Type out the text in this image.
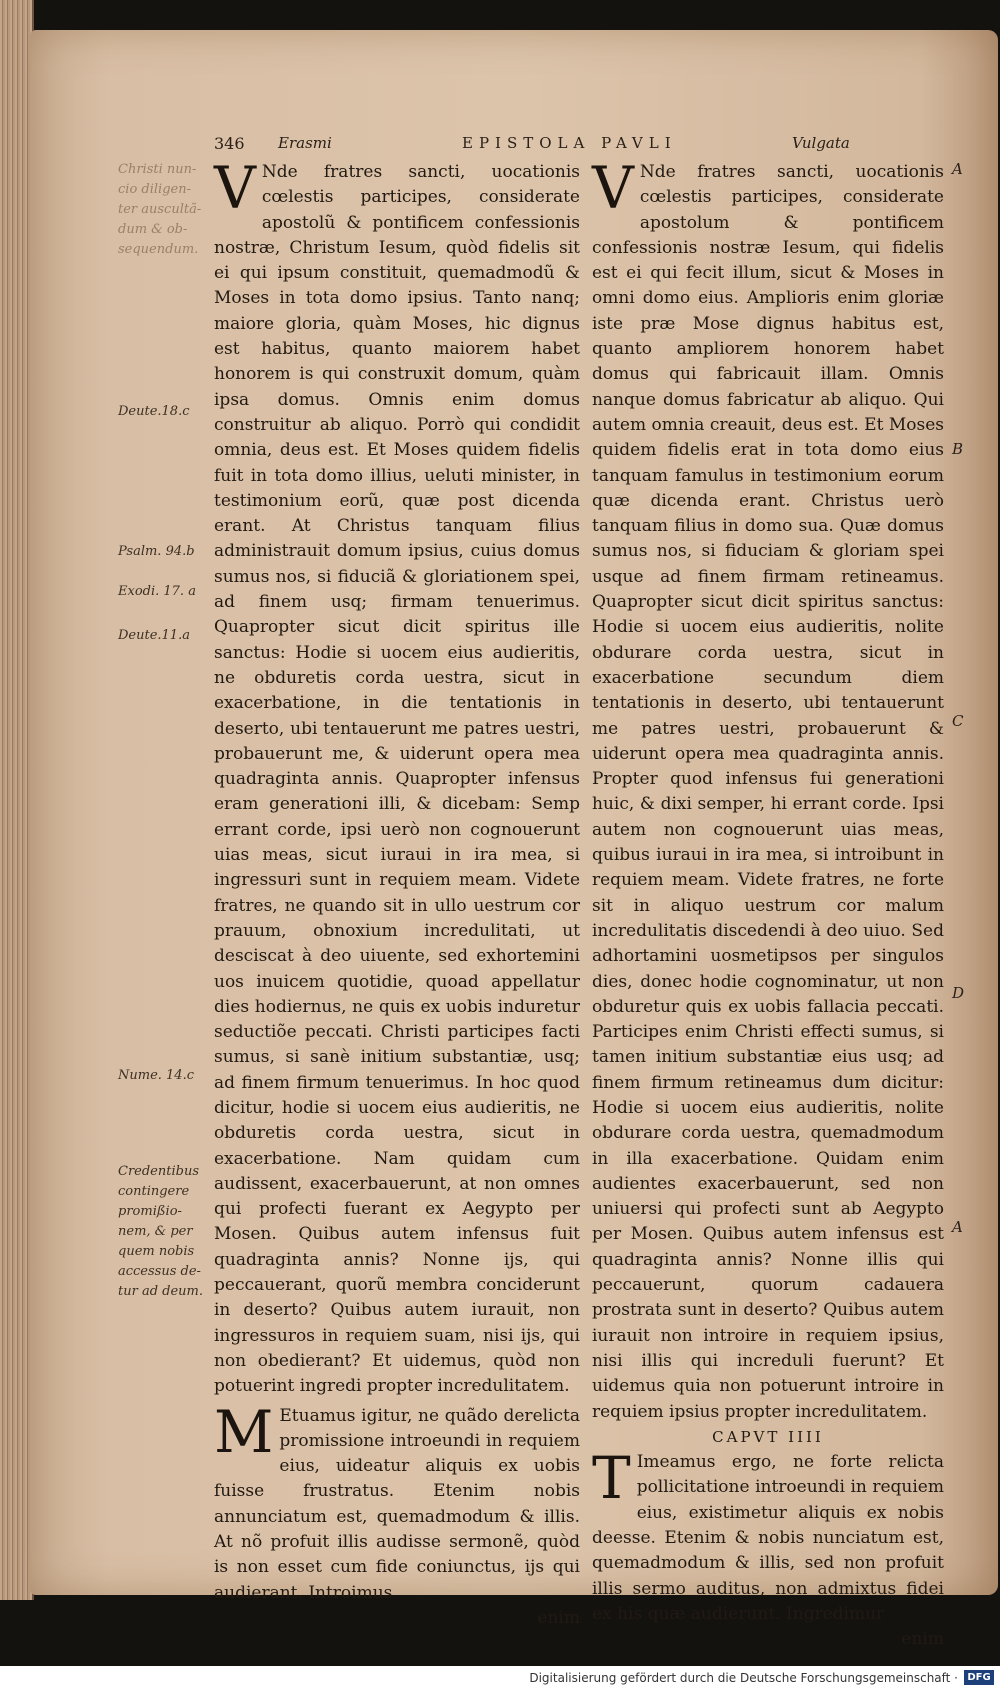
346 Erasmi	EPISTOLA PAVLI	Vulgata
Christi nun-
cio diligen-
ter auscultã-
dum & ob-
sequendum.
Deute.18.c
Psalm. 94.b
Exodi. 17. a
Deute.11.a
Nume. 14.c
Credentibus
contingere
promißio-
nem, & per
quem nobis
accessus de-
tur ad deum.

V Nde fratres sancti, uocationis cœlestis participes, considerate apostolũ & pontificem confessionis nostræ, Christum Iesum, quòd fidelis sit ei qui ipsum constituit, quemadmodũ & Moses in tota domo ipsius. Tanto nanq; maiore gloria, quàm Moses, hic dignus est habitus, quanto maiorem habet honorem is qui construxit domum, quàm ipsa domus. Omnis enim domus construitur ab aliquo. Porrò qui condidit omnia, deus est. Et Moses quidem fidelis fuit in tota domo illius, ueluti minister, in testimonium eorũ, quæ post dicenda erant. At Christus tanquam filius administrauit domum ipsius, cuius domus sumus nos, si fiduciã & gloriationem spei, ad finem usq; firmam tenuerimus. Quapropter sicut dicit spiritus ille sanctus: Hodie si uocem eius audieritis, ne obduretis corda uestra, sicut in exacerbatione, in die tentationis in deserto, ubi tentauerunt me patres uestri, probauerunt me, & uiderunt opera mea quadraginta annis. Quapropter infensus eram generationi illi, & dicebam: Semp errant corde, ipsi uerò non cognouerunt uias meas, sicut iuraui in ira mea, si ingressuri sunt in requiem meam. Videte fratres, ne quando sit in ullo uestrum cor prauum, obnoxium incredulitati, ut desciscat à deo uiuente, sed exhortemini uos inuicem quotidie, quoad appellatur dies hodiernus, ne quis ex uobis induretur seductiõe peccati. Christi participes facti sumus, si sanè initium substantiæ, usq; ad finem firmum tenuerimus. In hoc quod dicitur, hodie si uocem eius audieritis, ne obduretis corda uestra, sicut in exacerbatione. Nam quidam cum audissent, exacerbauerunt, at non omnes qui profecti fuerant ex Aegypto per Mosen. Quibus autem infensus fuit quadraginta annis? Nonne ijs, qui peccauerant, quorũ membra conciderunt in deserto? Quibus autem iurauit, non ingressuros in requiem suam, nisi ijs, qui non obedierant? Et uidemus, quòd non potuerint ingredi propter incredulitatem.

M Etuamus igitur, ne quãdo derelicta promissione introeundi in requiem eius, uideatur aliquis ex uobis fuisse frustratus. Etenim nobis annunciatum est, quemadmodum & illis. At nõ profuit illis audisse sermonẽ, quòd is non esset cum fide coniunctus, ijs qui audierant. Introimus

enim

V Nde fratres sancti, uocationis cœlestis participes, considerate apostolum & pontificem confessionis nostræ Iesum, qui fidelis est ei qui fecit illum, sicut & Moses in omni domo eius. Amplioris enim gloriæ iste præ Mose dignus habitus est, quanto ampliorem honorem habet domus qui fabricauit illam. Omnis nanque domus fabricatur ab aliquo. Qui autem omnia creauit, deus est. Et Moses quidem fidelis erat in tota domo eius tanquam famulus in testimonium eorum quæ dicenda erant. Christus uerò tanquam filius in domo sua. Quæ domus sumus nos, si fiduciam & gloriam spei usque ad finem firmam retineamus. Quapropter sicut dicit spiritus sanctus: Hodie si uocem eius audieritis, nolite obdurare corda uestra, sicut in exacerbatione secundum diem tentationis in deserto, ubi tentauerunt me patres uestri, probauerunt & uiderunt opera mea quadraginta annis. Propter quod infensus fui generationi huic, & dixi semper, hi errant corde. Ipsi autem non cognouerunt uias meas, quibus iuraui in ira mea, si introibunt in requiem meam. Videte fratres, ne forte sit in aliquo uestrum cor malum incredulitatis discedendi à deo uiuo. Sed adhortamini uosmetipsos per singulos dies, donec hodie cognominatur, ut non obduretur quis ex uobis fallacia peccati. Participes enim Christi effecti sumus, si tamen initium substantiæ eius usq; ad finem firmum retineamus dum dicitur: Hodie si uocem eius audieritis, nolite obdurare corda uestra, quemadmodum in illa exacerbatione. Quidam enim audientes exacerbauerunt, sed non uniuersi qui profecti sunt ab Aegypto per Mosen. Quibus autem infensus est quadraginta annis? Nonne illis qui peccauerunt, quorum cadauera prostrata sunt in deserto? Quibus autem iurauit non introire in requiem ipsius, nisi illis qui increduli fuerunt? Et uidemus quia non potuerunt introire in requiem ipsius propter incredulitatem.

CAPVT IIII

T Imeamus ergo, ne forte relicta pollicitatione introeundi in requiem eius, existimetur aliquis ex nobis deesse. Etenim & nobis nunciatum est, quemadmodum & illis, sed non profuit illis sermo auditus, non admixtus fidei ex his quæ audierunt. Ingredimur

enim

A
B
C
D
A
Digitalisierung gefördert durch die Deutsche Forschungsgemeinschaft · DFG
